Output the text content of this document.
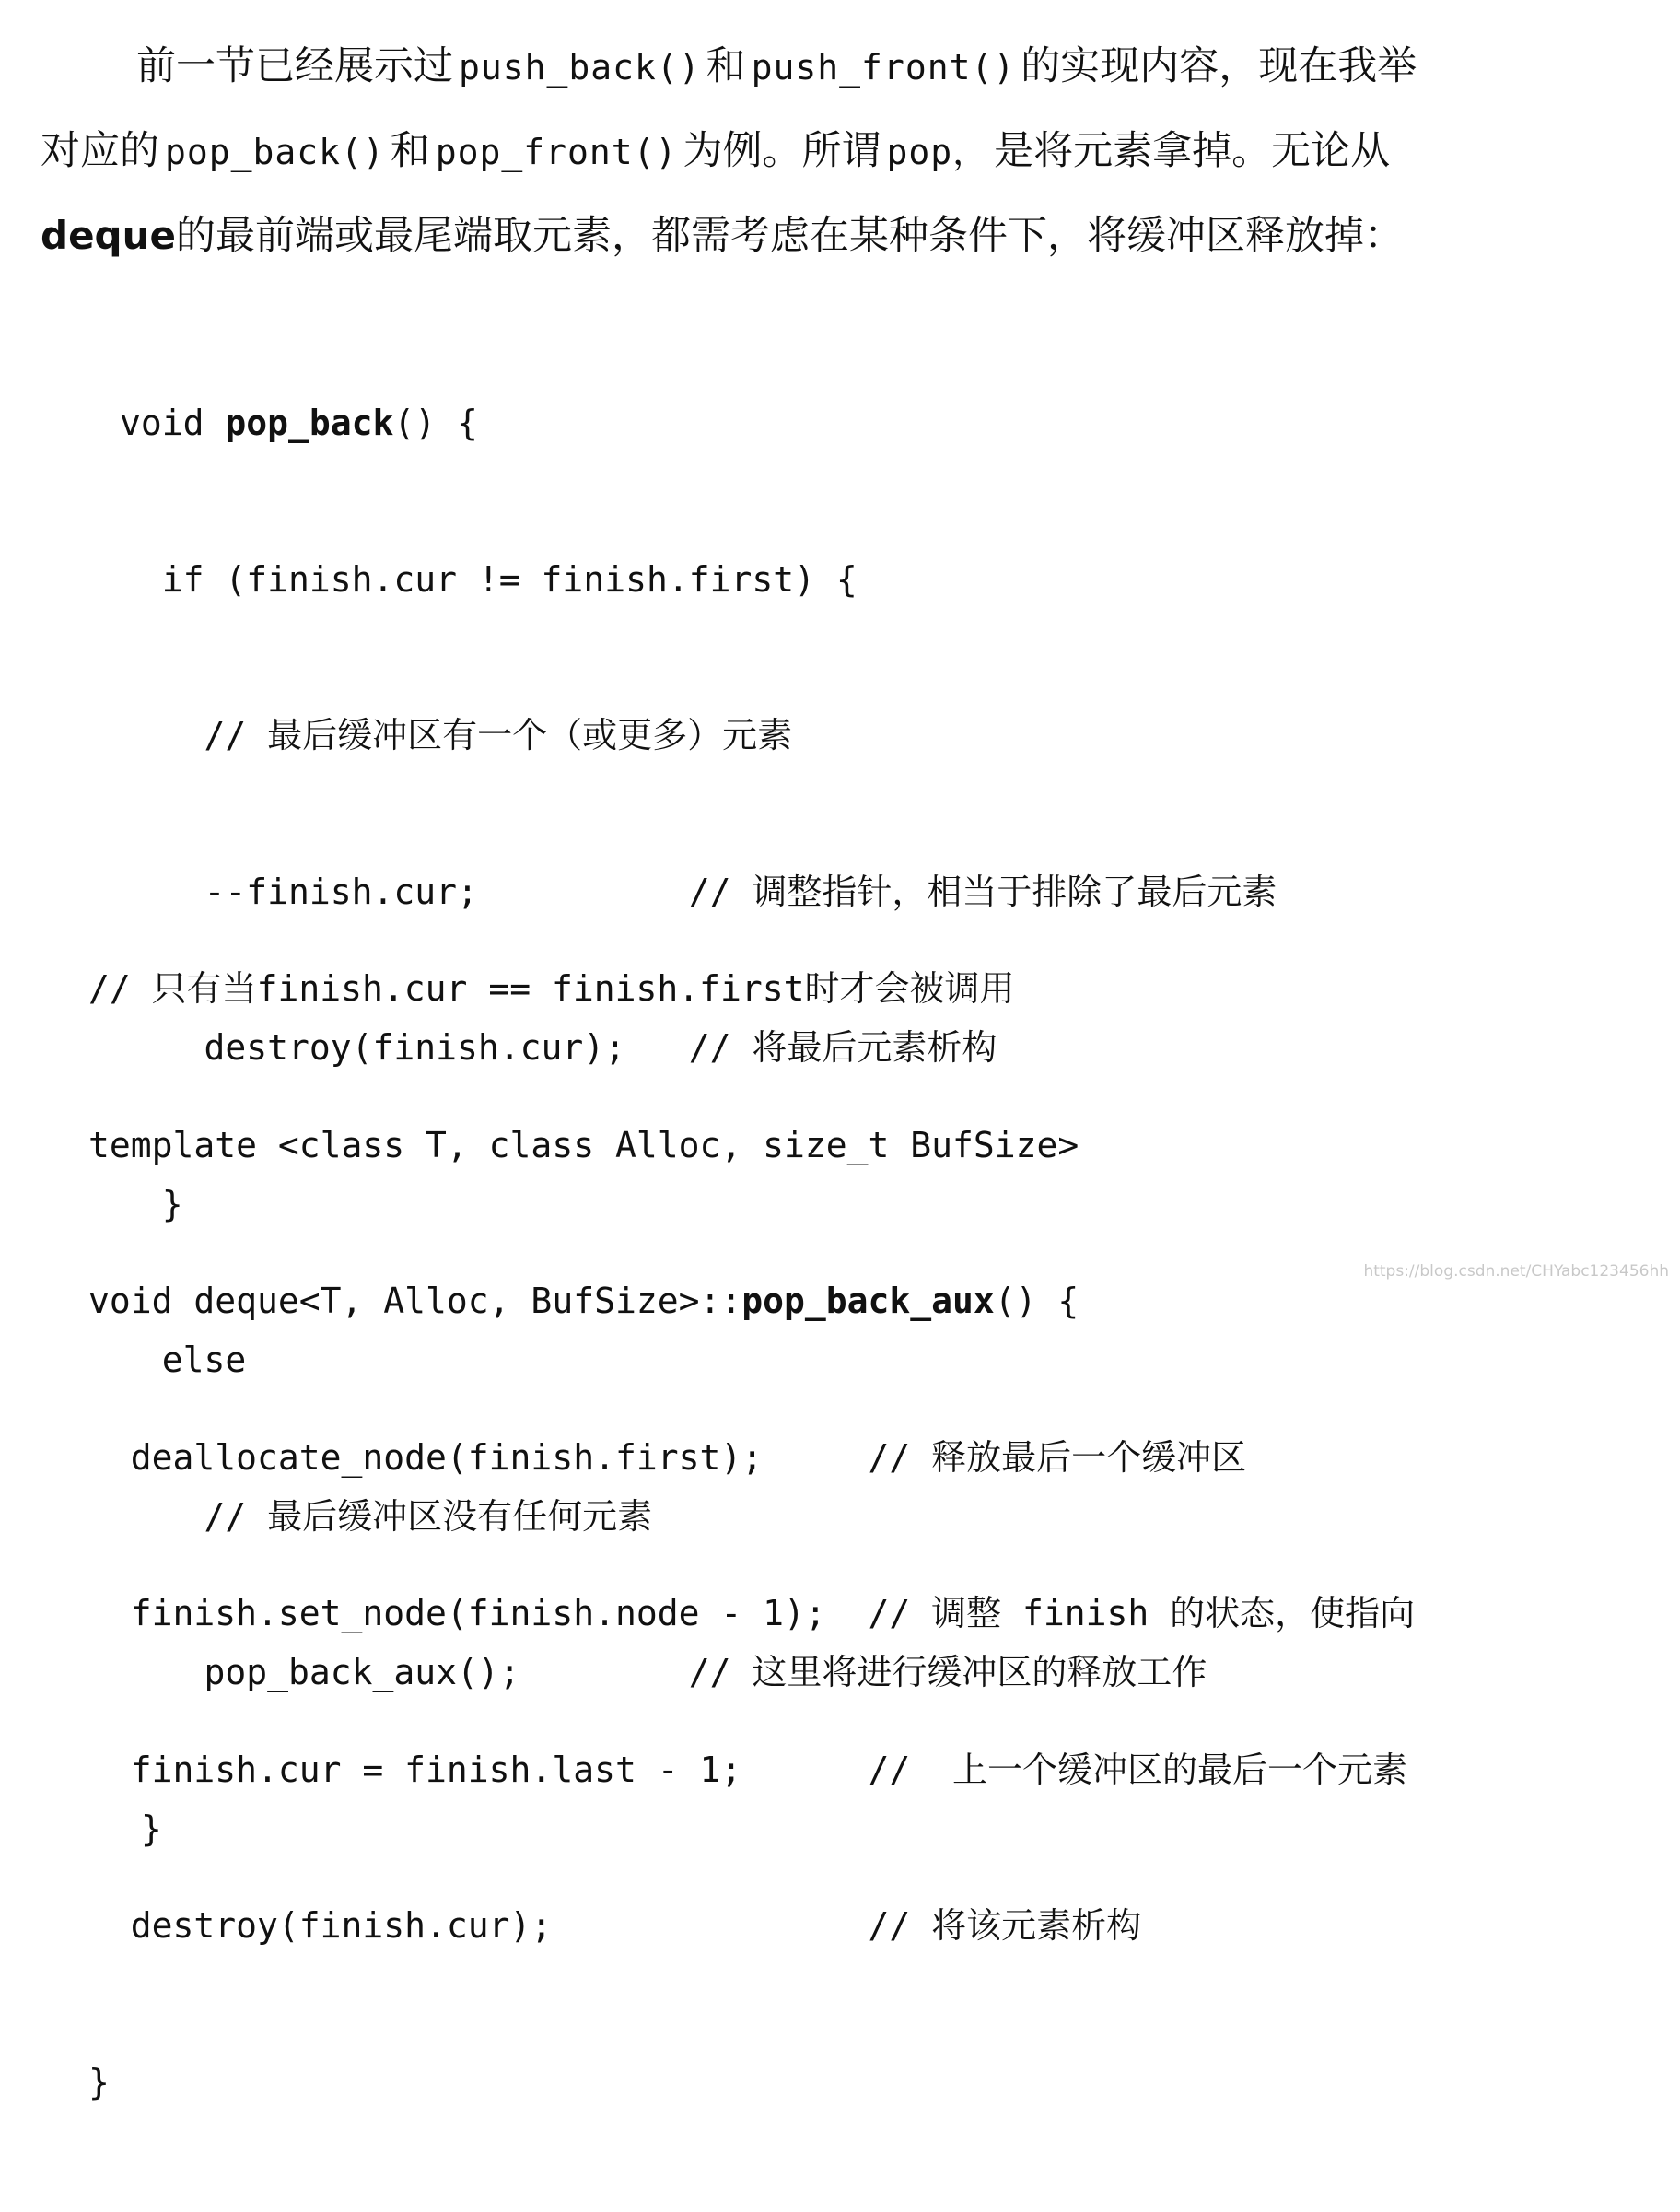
前一节已经展示过 push_back() 和 push_front() 的实现内容，现在我举
对应的 pop_back() 和 pop_front() 为例。所谓 pop， 是将元素拿掉。无论从
deque的最前端或最尾端取元素，都需考虑在某种条件下，将缓冲区释放掉：

void pop_back() {

if (finish.cur != finish.first) {

// 最后缓冲区有一个（或更多）元素

--finish.cur;          // 调整指针，相当于排除了最后元素

destroy(finish.cur);   // 将最后元素析构

}

else

// 最后缓冲区没有任何元素

pop_back_aux();        // 这里将进行缓冲区的释放工作

}

// 只有当finish.cur == finish.first时才会被调用

template <class T, class Alloc, size_t BufSize>

void deque<T, Alloc, BufSize>::pop_back_aux() {

deallocate_node(finish.first);     // 释放最后一个缓冲区

finish.set_node(finish.node - 1);  // 调整 finish 的状态，使指向

finish.cur = finish.last - 1;      //  上一个缓冲区的最后一个元素

destroy(finish.cur);               // 将该元素析构

}

https://blog.csdn.net/CHYabc123456hh
